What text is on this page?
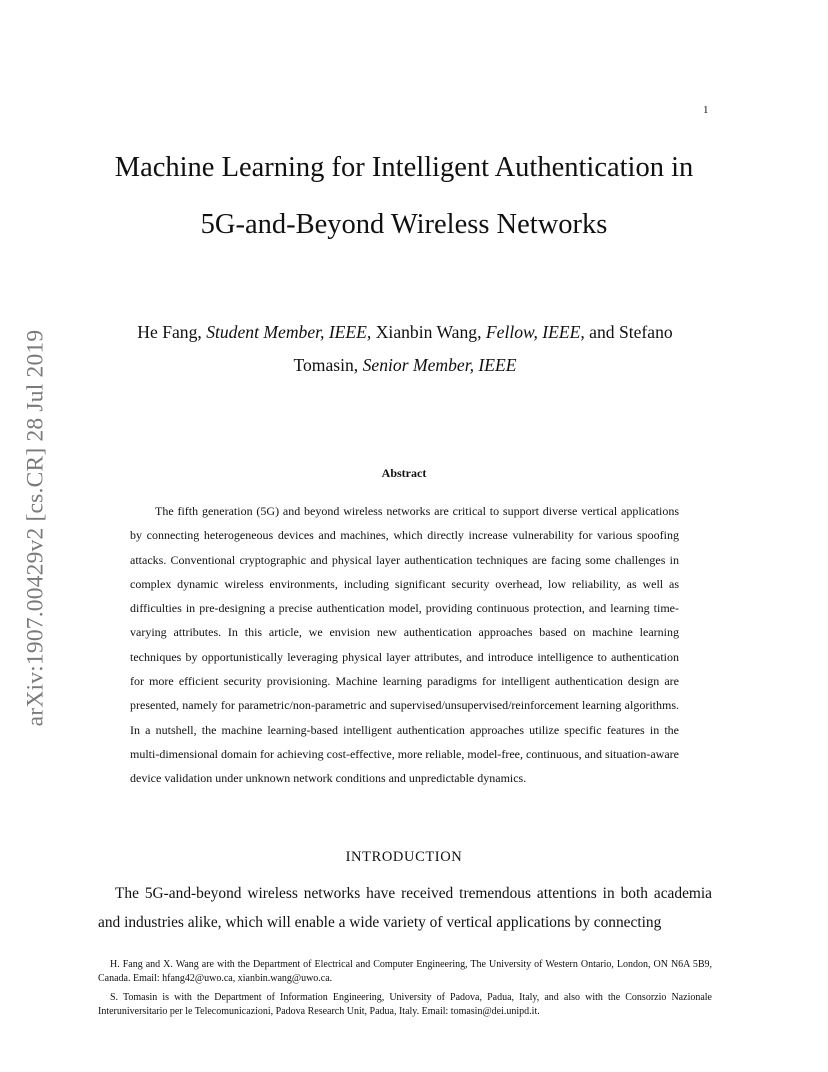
1
arXiv:1907.00429v2 [cs.CR] 28 Jul 2019
Machine Learning for Intelligent Authentication in 5G-and-Beyond Wireless Networks
He Fang, Student Member, IEEE, Xianbin Wang, Fellow, IEEE, and Stefano Tomasin, Senior Member, IEEE
Abstract

The fifth generation (5G) and beyond wireless networks are critical to support diverse vertical applications by connecting heterogeneous devices and machines, which directly increase vulnerability for various spoofing attacks. Conventional cryptographic and physical layer authentication techniques are facing some challenges in complex dynamic wireless environments, including significant security overhead, low reliability, as well as difficulties in pre-designing a precise authentication model, providing continuous protection, and learning time-varying attributes. In this article, we envision new authentication approaches based on machine learning techniques by opportunistically leveraging physical layer attributes, and introduce intelligence to authentication for more efficient security provisioning. Machine learning paradigms for intelligent authentication design are presented, namely for parametric/non-parametric and supervised/unsupervised/reinforcement learning algorithms. In a nutshell, the machine learning-based intelligent authentication approaches utilize specific features in the multi-dimensional domain for achieving cost-effective, more reliable, model-free, continuous, and situation-aware device validation under unknown network conditions and unpredictable dynamics.

INTRODUCTION

The 5G-and-beyond wireless networks have received tremendous attentions in both academia and industries alike, which will enable a wide variety of vertical applications by connecting

H. Fang and X. Wang are with the Department of Electrical and Computer Engineering, The University of Western Ontario, London, ON N6A 5B9, Canada. Email: hfang42@uwo.ca, xianbin.wang@uwo.ca.

S. Tomasin is with the Department of Information Engineering, University of Padova, Padua, Italy, and also with the Consorzio Nazionale Interuniversitario per le Telecomunicazioni, Padova Research Unit, Padua, Italy. Email: tomasin@dei.unipd.it.
